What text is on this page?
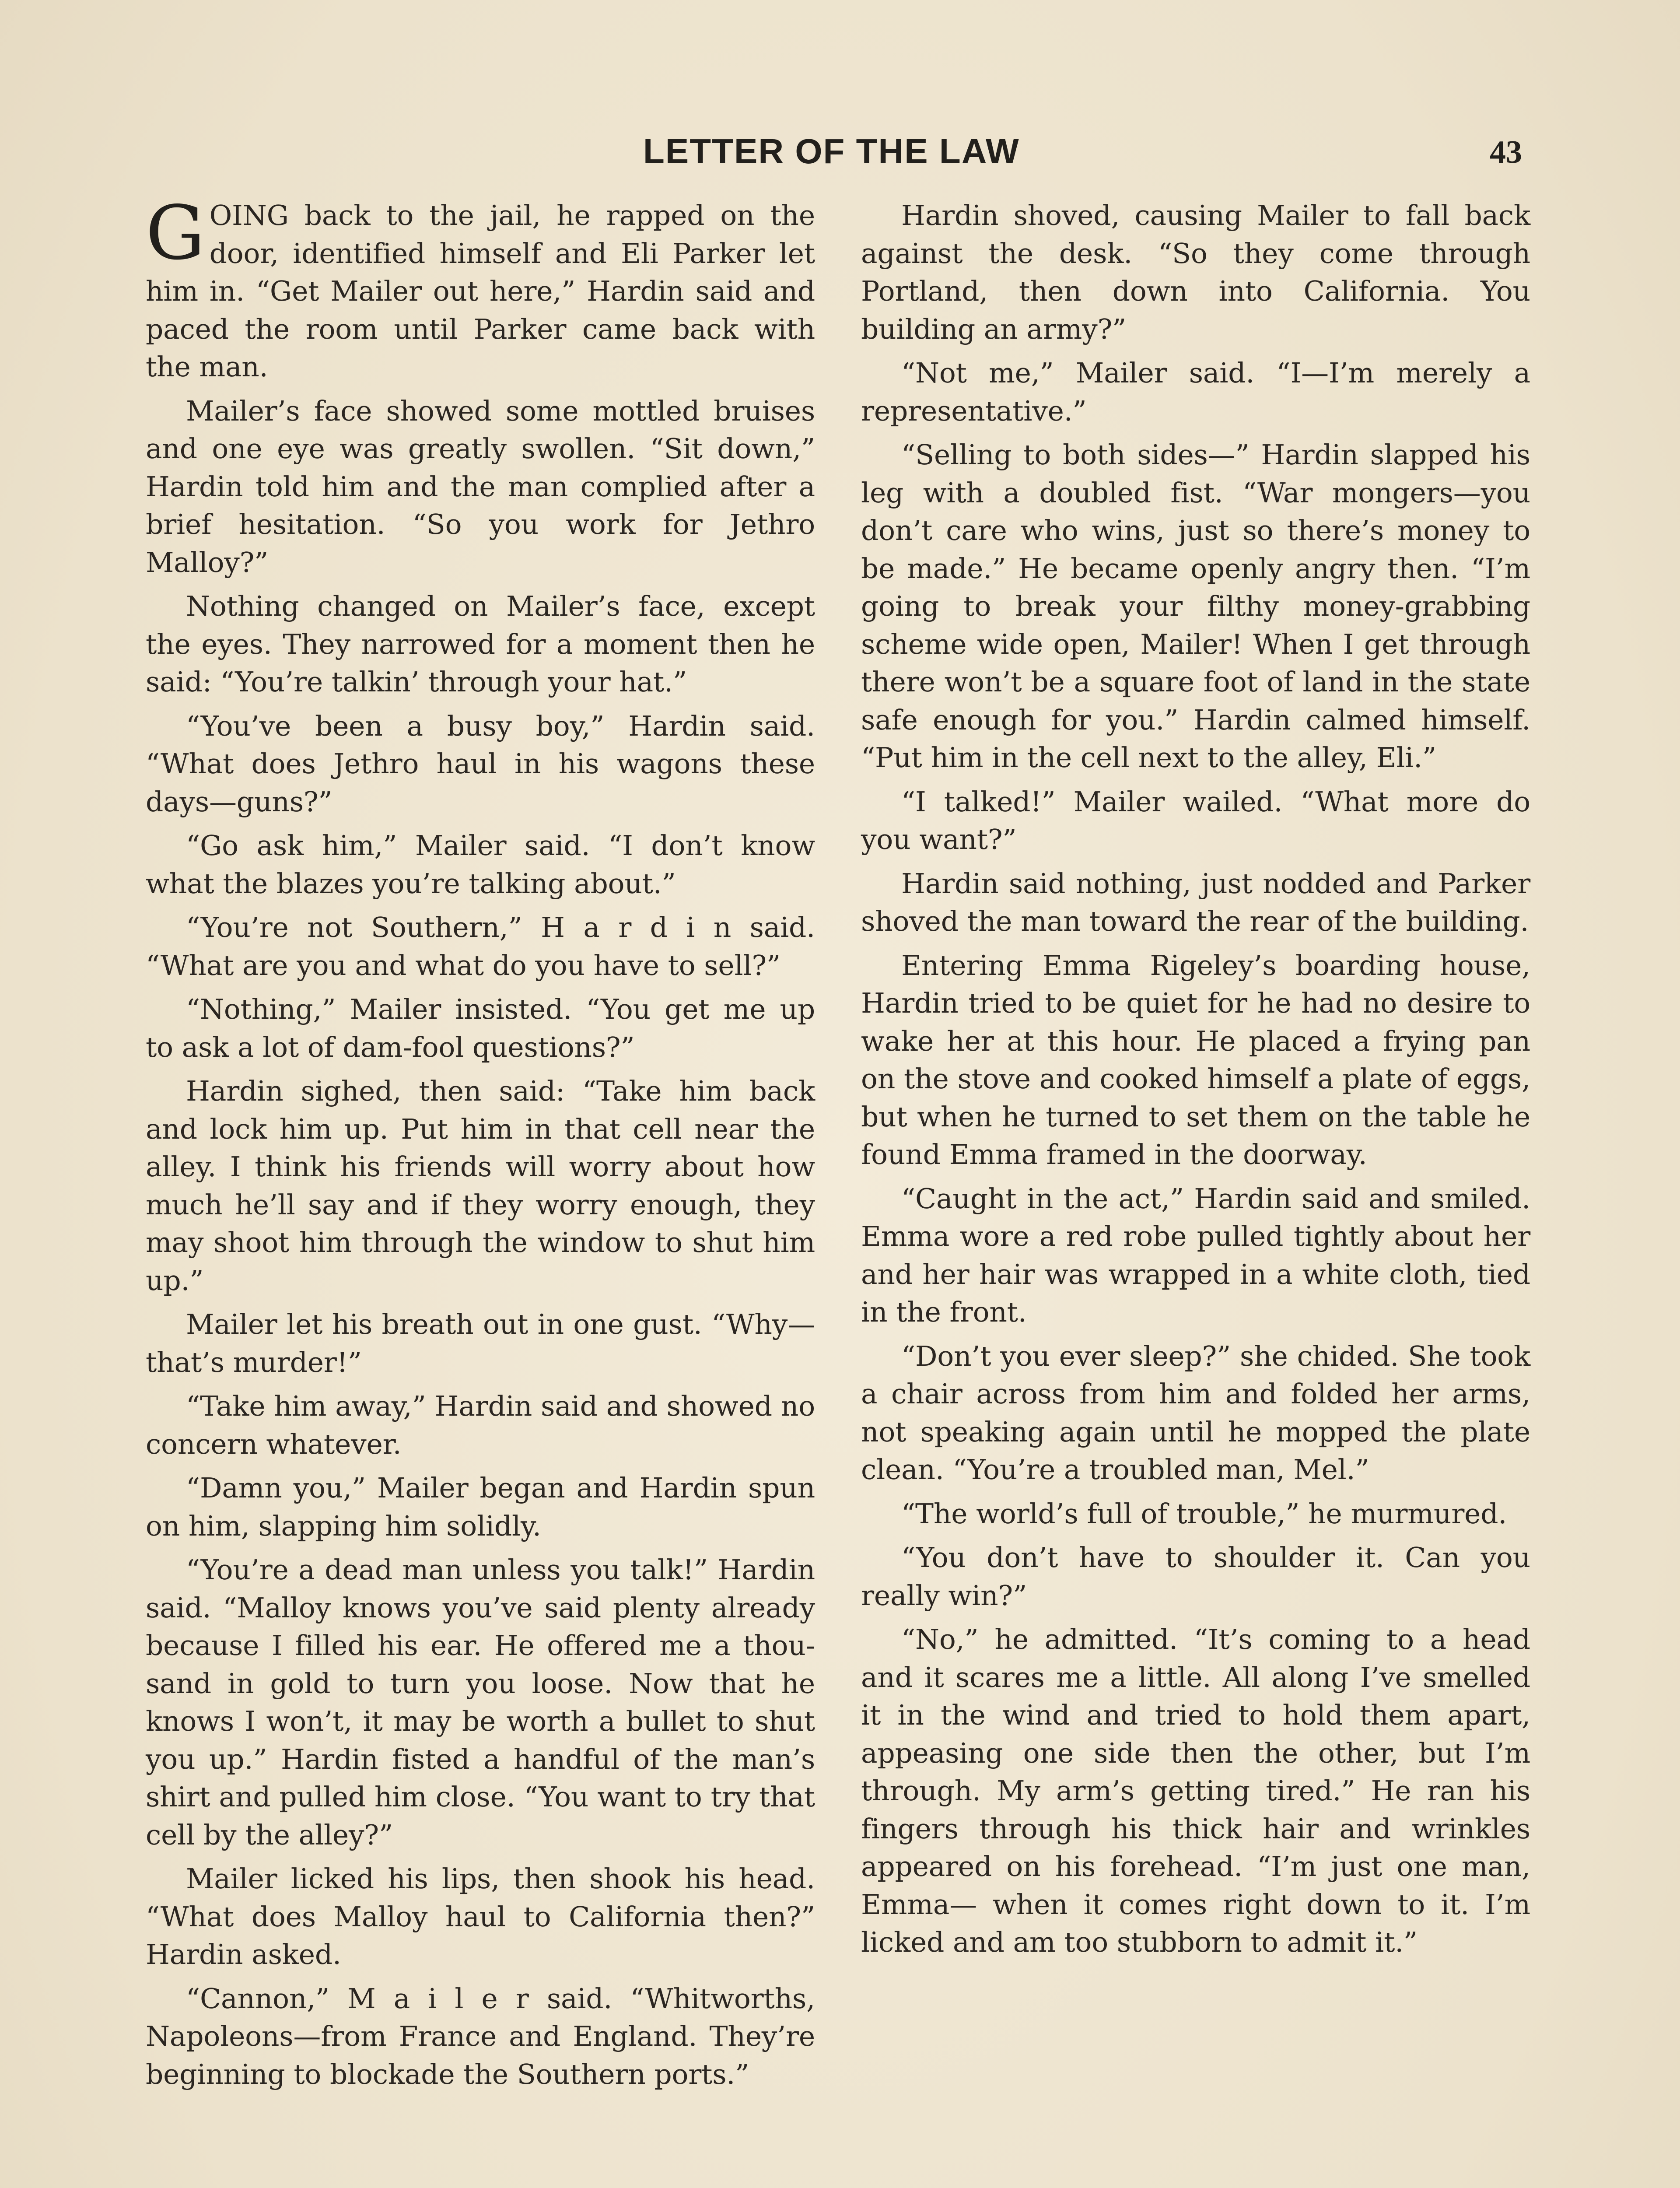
LETTER OF THE LAW	43

GOING back to the jail, he rapped on the door, identified himself and Eli Parker let him in. “Get Mailer out here,” Hardin said and paced the room until Parker came back with the man.

Mailer’s face showed some mottled bruises and one eye was greatly swollen. “Sit down,” Hardin told him and the man complied after a brief hesitation. “So you work for Jethro Malloy?”

Nothing changed on Mailer’s face, except the eyes. They narrowed for a moment then he said: “You’re talkin’ through your hat.”

“You’ve been a busy boy,” Hardin said. “What does Jethro haul in his wagons these days—guns?”

“Go ask him,” Mailer said. “I don’t know what the blazes you’re talking about.”

“You’re not Southern,” H a r d i n said. “What are you and what do you have to sell?”

“Nothing,” Mailer insisted. “You get me up to ask a lot of dam-fool questions?”

Hardin sighed, then said: “Take him back and lock him up. Put him in that cell near the alley. I think his friends will worry about how much he’ll say and if they worry enough, they may shoot him through the window to shut him up.”

Mailer let his breath out in one gust. “Why—that’s murder!”

“Take him away,” Hardin said and showed no concern whatever.

“Damn you,” Mailer began and Hardin spun on him, slapping him solidly.

“You’re a dead man unless you talk!” Hardin said. “Malloy knows you’ve said plenty already because I filled his ear. He offered me a thousand in gold to turn you loose. Now that he knows I won’t, it may be worth a bullet to shut you up.” Hardin fisted a handful of the man’s shirt and pulled him close. “You want to try that cell by the alley?”

Mailer licked his lips, then shook his head. “What does Malloy haul to California then?” Hardin asked.

“Cannon,” M a i l e r said. “Whitworths, Napoleons—from France and England. They’re beginning to blockade the Southern ports.”

Hardin shoved, causing Mailer to fall back against the desk. “So they come through Portland, then down into California. You building an army?”

“Not me,” Mailer said. “I—I’m merely a representative.”

“Selling to both sides—” Hardin slapped his leg with a doubled fist. “War mongers—you don’t care who wins, just so there’s money to be made.” He became openly angry then. “I’m going to break your filthy money-grabbing scheme wide open, Mailer! When I get through there won’t be a square foot of land in the state safe enough for you.” Hardin calmed himself. “Put him in the cell next to the alley, Eli.”

“I talked!” Mailer wailed. “What more do you want?”

Hardin said nothing, just nodded and Parker shoved the man toward the rear of the building.

Entering Emma Rigeley’s boarding house, Hardin tried to be quiet for he had no desire to wake her at this hour. He placed a frying pan on the stove and cooked himself a plate of eggs, but when he turned to set them on the table he found Emma framed in the doorway.

“Caught in the act,” Hardin said and smiled. Emma wore a red robe pulled tightly about her and her hair was wrapped in a white cloth, tied in the front.

“Don’t you ever sleep?” she chided. She took a chair across from him and folded her arms, not speaking again until he mopped the plate clean. “You’re a troubled man, Mel.”

“The world’s full of trouble,” he murmured.

“You don’t have to shoulder it. Can you really win?”

“No,” he admitted. “It’s coming to a head and it scares me a little. All along I’ve smelled it in the wind and tried to hold them apart, appeasing one side then the other, but I’m through. My arm’s getting tired.” He ran his fingers through his thick hair and wrinkles appeared on his forehead. “I’m just one man, Emma— when it comes right down to it. I’m licked and am too stubborn to admit it.”
